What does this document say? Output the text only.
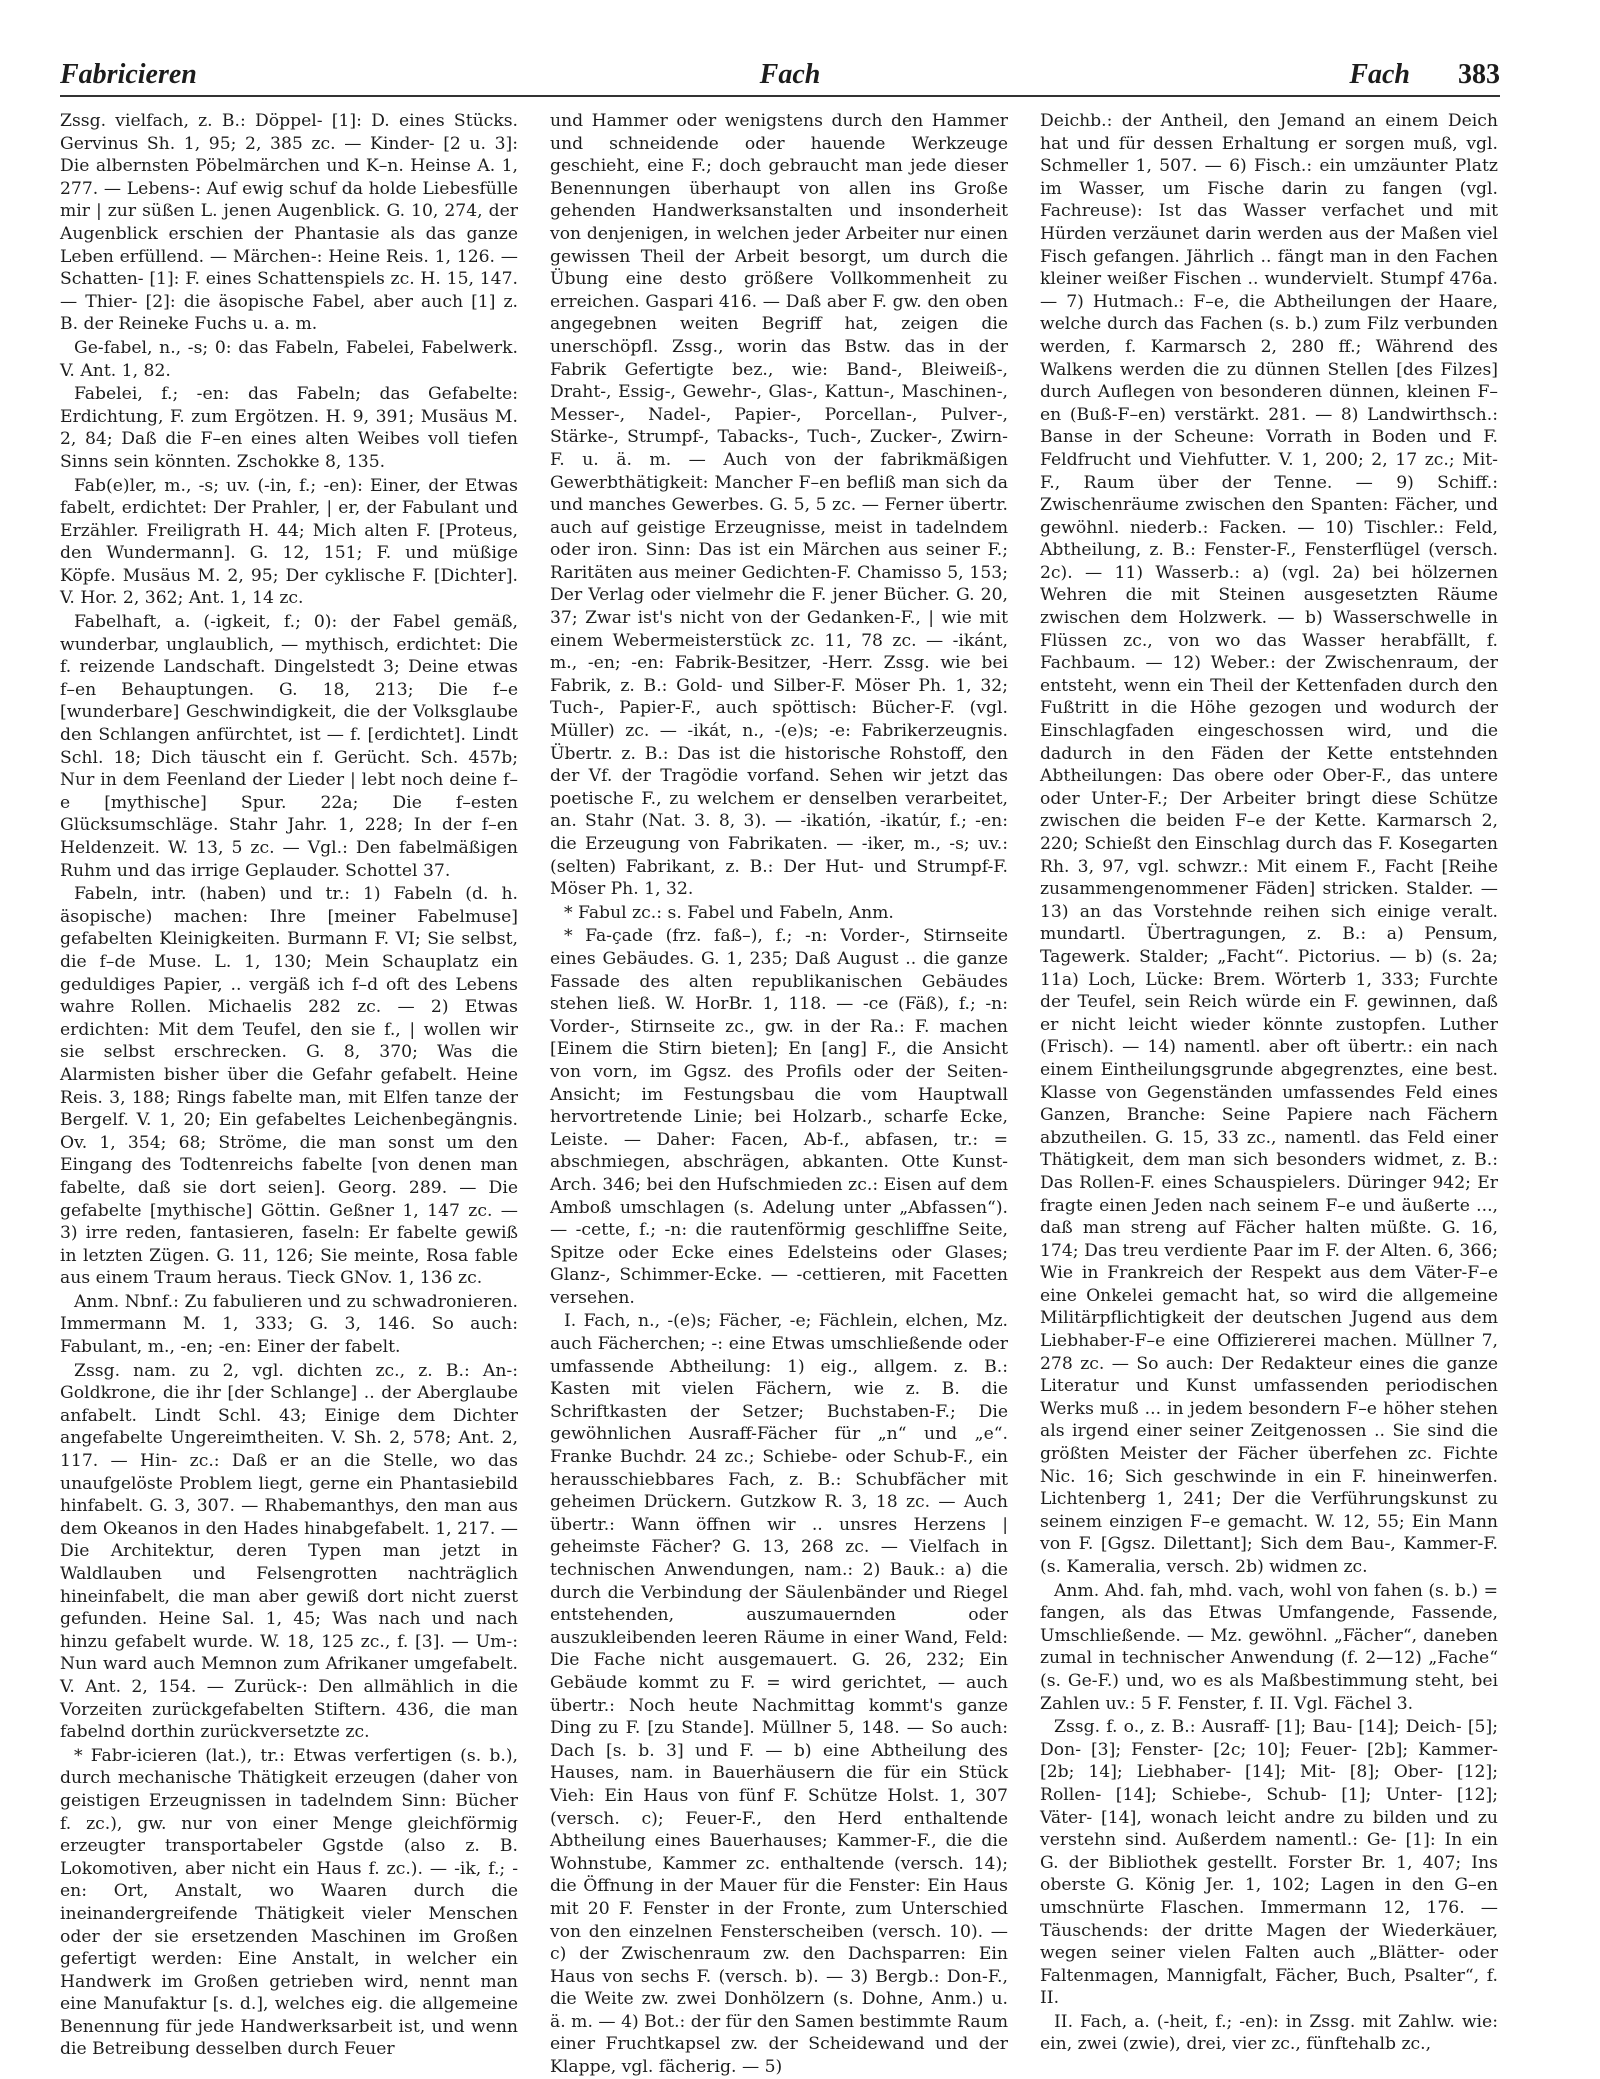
Fabricieren	Fach	Fach 383

Zssg. vielfach, z. B.: Döppel- [1]: D. eines Stücks. Gervinus Sh. 1, 95; 2, 385 zc. — Kinder- [2 u. 3]: Die albernsten Pöbelmärchen und K–n. Heinse A. 1, 277. — Lebens-: Auf ewig schuf da holde Liebesfülle mir | zur süßen L. jenen Augenblick. G. 10, 274, der Augenblick erschien der Phantasie als das ganze Leben erfüllend. — Märchen-: Heine Reis. 1, 126. — Schatten- [1]: F. eines Schattenspiels zc. H. 15, 147. — Thier- [2]: die äsopische Fabel, aber auch [1] z. B. der Reineke Fuchs u. a. m.

Ge-fabel, n., -s; 0: das Fabeln, Fabelei, Fabelwerk. V. Ant. 1, 82.

Fabelei, f.; -en: das Fabeln; das Gefabelte: Erdichtung, F. zum Ergötzen. H. 9, 391; Musäus M. 2, 84; Daß die F–en eines alten Weibes voll tiefen Sinns sein könnten. Zschokke 8, 135.

Fab(e)ler, m., -s; uv. (-in, f.; -en): Einer, der Etwas fabelt, erdichtet: Der Prahler, | er, der Fabulant und Erzähler. Freiligrath H. 44; Mich alten F. [Proteus, den Wundermann]. G. 12, 151; F. und müßige Köpfe. Musäus M. 2, 95; Der cyklische F. [Dichter]. V. Hor. 2, 362; Ant. 1, 14 zc.

Fabelhaft, a. (-igkeit, f.; 0): der Fabel gemäß, wunderbar, unglaublich, — mythisch, erdichtet: Die f. reizende Landschaft. Dingelstedt 3; Deine etwas f–en Behauptungen. G. 18, 213; Die f–e [wunderbare] Geschwindigkeit, die der Volksglaube den Schlangen anfürchtet, ist — f. [erdichtet]. Lindt Schl. 18; Dich täuscht ein f. Gerücht. Sch. 457b; Nur in dem Feenland der Lieder | lebt noch deine f–e [mythische] Spur. 22a; Die f–esten Glücksumschläge. Stahr Jahr. 1, 228; In der f–en Heldenzeit. W. 13, 5 zc. — Vgl.: Den fabelmäßigen Ruhm und das irrige Geplauder. Schottel 37.

Fabeln, intr. (haben) und tr.: 1) Fabeln (d. h. äsopische) machen: Ihre [meiner Fabelmuse] gefabelten Kleinigkeiten. Burmann F. VI; Sie selbst, die f–de Muse. L. 1, 130; Mein Schauplatz ein geduldiges Papier, .. vergäß ich f–d oft des Lebens wahre Rollen. Michaelis 282 zc. — 2) Etwas erdichten: Mit dem Teufel, den sie f., | wollen wir sie selbst erschrecken. G. 8, 370; Was die Alarmisten bisher über die Gefahr gefabelt. Heine Reis. 3, 188; Rings fabelte man, mit Elfen tanze der Bergelf. V. 1, 20; Ein gefabeltes Leichenbegängnis. Ov. 1, 354; 68; Ströme, die man sonst um den Eingang des Todtenreichs fabelte [von denen man fabelte, daß sie dort seien]. Georg. 289. — Die gefabelte [mythische] Göttin. Geßner 1, 147 zc. — 3) irre reden, fantasieren, faseln: Er fabelte gewiß in letzten Zügen. G. 11, 126; Sie meinte, Rosa fable aus einem Traum heraus. Tieck GNov. 1, 136 zc.

Anm. Nbnf.: Zu fabulieren und zu schwadronieren. Immermann M. 1, 333; G. 3, 146. So auch: Fabulant, m., -en; -en: Einer der fabelt.

Zssg. nam. zu 2, vgl. dichten zc., z. B.: An-: Goldkrone, die ihr [der Schlange] .. der Aberglaube anfabelt. Lindt Schl. 43; Einige dem Dichter angefabelte Ungereimtheiten. V. Sh. 2, 578; Ant. 2, 117. — Hin- zc.: Daß er an die Stelle, wo das unaufgelöste Problem liegt, gerne ein Phantasiebild hinfabelt. G. 3, 307. — Rhabemanthys, den man aus dem Okeanos in den Hades hinabgefabelt. 1, 217. — Die Architektur, deren Typen man jetzt in Waldlauben und Felsengrotten nachträglich hineinfabelt, die man aber gewiß dort nicht zuerst gefunden. Heine Sal. 1, 45; Was nach und nach hinzu gefabelt wurde. W. 18, 125 zc., f. [3]. — Um-: Nun ward auch Memnon zum Afrikaner umgefabelt. V. Ant. 2, 154. — Zurück-: Den allmählich in die Vorzeiten zurückgefabelten Stiftern. 436, die man fabelnd dorthin zurückversetzte zc.

* Fabr-icieren (lat.), tr.: Etwas verfertigen (s. b.), durch mechanische Thätigkeit erzeugen (daher von geistigen Erzeugnissen in tadelndem Sinn: Bücher f. zc.), gw. nur von einer Menge gleichförmig erzeugter transportabeler Ggstde (also z. B. Lokomotiven, aber nicht ein Haus f. zc.). — -ik, f.; -en: Ort, Anstalt, wo Waaren durch die ineinandergreifende Thätigkeit vieler Menschen oder der sie ersetzenden Maschinen im Großen gefertigt werden: Eine Anstalt, in welcher ein Handwerk im Großen getrieben wird, nennt man eine Manufaktur [s. d.], welches eig. die allgemeine Benennung für jede Handwerksarbeit ist, und wenn die Betreibung desselben durch Feuer

und Hammer oder wenigstens durch den Hammer und schneidende oder hauende Werkzeuge geschieht, eine F.; doch gebraucht man jede dieser Benennungen überhaupt von allen ins Große gehenden Handwerksanstalten und insonderheit von denjenigen, in welchen jeder Arbeiter nur einen gewissen Theil der Arbeit besorgt, um durch die Übung eine desto größere Vollkommenheit zu erreichen. Gaspari 416. — Daß aber F. gw. den oben angegebnen weiten Begriff hat, zeigen die unerschöpfl. Zssg., worin das Bstw. das in der Fabrik Gefertigte bez., wie: Band-, Bleiweiß-, Draht-, Essig-, Gewehr-, Glas-, Kattun-, Maschinen-, Messer-, Nadel-, Papier-, Porcellan-, Pulver-, Stärke-, Strumpf-, Tabacks-, Tuch-, Zucker-, Zwirn-F. u. ä. m. — Auch von der fabrikmäßigen Gewerbthätigkeit: Mancher F–en befliß man sich da und manches Gewerbes. G. 5, 5 zc. — Ferner übertr. auch auf geistige Erzeugnisse, meist in tadelndem oder iron. Sinn: Das ist ein Märchen aus seiner F.; Raritäten aus meiner Gedichten-F. Chamisso 5, 153; Der Verlag oder vielmehr die F. jener Bücher. G. 20, 37; Zwar ist's nicht von der Gedanken-F., | wie mit einem Webermeisterstück zc. 11, 78 zc. — -ikánt, m., -en; -en: Fabrik-Besitzer, -Herr. Zssg. wie bei Fabrik, z. B.: Gold- und Silber-F. Möser Ph. 1, 32; Tuch-, Papier-F., auch spöttisch: Bücher-F. (vgl. Müller) zc. — -ikát, n., -(e)s; -e: Fabrikerzeugnis. Übertr. z. B.: Das ist die historische Rohstoff, den der Vf. der Tragödie vorfand. Sehen wir jetzt das poetische F., zu welchem er denselben verarbeitet, an. Stahr (Nat. 3. 8, 3). — -ikatión, -ikatúr, f.; -en: die Erzeugung von Fabrikaten. — -iker, m., -s; uv.: (selten) Fabrikant, z. B.: Der Hut- und Strumpf-F. Möser Ph. 1, 32.

* Fabul zc.: s. Fabel und Fabeln, Anm.

* Fa-çade (frz. faß–), f.; -n: Vorder-, Stirnseite eines Gebäudes. G. 1, 235; Daß August .. die ganze Fassade des alten republikanischen Gebäudes stehen ließ. W. HorBr. 1, 118. — -ce (Fäß), f.; -n: Vorder-, Stirnseite zc., gw. in der Ra.: F. machen [Einem die Stirn bieten]; En [ang] F., die Ansicht von vorn, im Ggsz. des Profils oder der Seiten-Ansicht; im Festungsbau die vom Hauptwall hervortretende Linie; bei Holzarb., scharfe Ecke, Leiste. — Daher: Facen, Ab-f., abfasen, tr.: = abschmiegen, abschrägen, abkanten. Otte Kunst-Arch. 346; bei den Hufschmieden zc.: Eisen auf dem Amboß umschlagen (s. Adelung unter „Abfassen“). — -cette, f.; -n: die rautenförmig geschliffne Seite, Spitze oder Ecke eines Edelsteins oder Glases; Glanz-, Schimmer-Ecke. — -cettieren, mit Facetten versehen.

I. Fach, n., -(e)s; Fächer, -e; Fächlein, elchen, Mz. auch Fächerchen; -: eine Etwas umschließende oder umfassende Abtheilung: 1) eig., allgem. z. B.: Kasten mit vielen Fächern, wie z. B. die Schriftkasten der Setzer; Buchstaben-F.; Die gewöhnlichen Ausraff-Fächer für „n“ und „e“. Franke Buchdr. 24 zc.; Schiebe- oder Schub-F., ein herausschiebbares Fach, z. B.: Schubfächer mit geheimen Drückern. Gutzkow R. 3, 18 zc. — Auch übertr.: Wann öffnen wir .. unsres Herzens | geheimste Fächer? G. 13, 268 zc. — Vielfach in technischen Anwendungen, nam.: 2) Bauk.: a) die durch die Verbindung der Säulenbänder und Riegel entstehenden, auszumauernden oder auszukleibenden leeren Räume in einer Wand, Feld: Die Fache nicht ausgemauert. G. 26, 232; Ein Gebäude kommt zu F. = wird gerichtet, — auch übertr.: Noch heute Nachmittag kommt's ganze Ding zu F. [zu Stande]. Müllner 5, 148. — So auch: Dach [s. b. 3] und F. — b) eine Abtheilung des Hauses, nam. in Bauerhäusern die für ein Stück Vieh: Ein Haus von fünf F. Schütze Holst. 1, 307 (versch. c); Feuer-F., den Herd enthaltende Abtheilung eines Bauerhauses; Kammer-F., die die Wohnstube, Kammer zc. enthaltende (versch. 14); die Öffnung in der Mauer für die Fenster: Ein Haus mit 20 F. Fenster in der Fronte, zum Unterschied von den einzelnen Fensterscheiben (versch. 10). — c) der Zwischenraum zw. den Dachsparren: Ein Haus von sechs F. (versch. b). — 3) Bergb.: Don-F., die Weite zw. zwei Donhölzern (s. Dohne, Anm.) u. ä. m. — 4) Bot.: der für den Samen bestimmte Raum einer Fruchtkapsel zw. der Scheidewand und der Klappe, vgl. fächerig. — 5)

Deichb.: der Antheil, den Jemand an einem Deich hat und für dessen Erhaltung er sorgen muß, vgl. Schmeller 1, 507. — 6) Fisch.: ein umzäunter Platz im Wasser, um Fische darin zu fangen (vgl. Fachreuse): Ist das Wasser verfachet und mit Hürden verzäunet darin werden aus der Maßen viel Fisch gefangen. Jährlich .. fängt man in den Fachen kleiner weißer Fischen .. wundervielt. Stumpf 476a. — 7) Hutmach.: F–e, die Abtheilungen der Haare, welche durch das Fachen (s. b.) zum Filz verbunden werden, f. Karmarsch 2, 280 ff.; Während des Walkens werden die zu dünnen Stellen [des Filzes] durch Auflegen von besonderen dünnen, kleinen F–en (Buß-F–en) verstärkt. 281. — 8) Landwirthsch.: Banse in der Scheune: Vorrath in Boden und F. Feldfrucht und Viehfutter. V. 1, 200; 2, 17 zc.; Mit-F., Raum über der Tenne. — 9) Schiff.: Zwischenräume zwischen den Spanten: Fächer, und gewöhnl. niederb.: Facken. — 10) Tischler.: Feld, Abtheilung, z. B.: Fenster-F., Fensterflügel (versch. 2c). — 11) Wasserb.: a) (vgl. 2a) bei hölzernen Wehren die mit Steinen ausgesetzten Räume zwischen dem Holzwerk. — b) Wasserschwelle in Flüssen zc., von wo das Wasser herabfällt, f. Fachbaum. — 12) Weber.: der Zwischenraum, der entsteht, wenn ein Theil der Kettenfaden durch den Fußtritt in die Höhe gezogen und wodurch der Einschlagfaden eingeschossen wird, und die dadurch in den Fäden der Kette entstehnden Abtheilungen: Das obere oder Ober-F., das untere oder Unter-F.; Der Arbeiter bringt diese Schütze zwischen die beiden F–e der Kette. Karmarsch 2, 220; Schießt den Einschlag durch das F. Kosegarten Rh. 3, 97, vgl. schwzr.: Mit einem F., Facht [Reihe zusammengenommener Fäden] stricken. Stalder. — 13) an das Vorstehnde reihen sich einige veralt. mundartl. Übertragungen, z. B.: a) Pensum, Tagewerk. Stalder; „Facht“. Pictorius. — b) (s. 2a; 11a) Loch, Lücke: Brem. Wörterb 1, 333; Furchte der Teufel, sein Reich würde ein F. gewinnen, daß er nicht leicht wieder könnte zustopfen. Luther (Frisch). — 14) namentl. aber oft übertr.: ein nach einem Eintheilungsgrunde abgegrenztes, eine best. Klasse von Gegenständen umfassendes Feld eines Ganzen, Branche: Seine Papiere nach Fächern abzutheilen. G. 15, 33 zc., namentl. das Feld einer Thätigkeit, dem man sich besonders widmet, z. B.: Das Rollen-F. eines Schauspielers. Düringer 942; Er fragte einen Jeden nach seinem F–e und äußerte ..., daß man streng auf Fächer halten müßte. G. 16, 174; Das treu verdiente Paar im F. der Alten. 6, 366; Wie in Frankreich der Respekt aus dem Väter-F–e eine Onkelei gemacht hat, so wird die allgemeine Militärpflichtigkeit der deutschen Jugend aus dem Liebhaber-F–e eine Offiziererei machen. Müllner 7, 278 zc. — So auch: Der Redakteur eines die ganze Literatur und Kunst umfassenden periodischen Werks muß ... in jedem besondern F–e höher stehen als irgend einer seiner Zeitgenossen .. Sie sind die größten Meister der Fächer überfehen zc. Fichte Nic. 16; Sich geschwinde in ein F. hineinwerfen. Lichtenberg 1, 241; Der die Verführungskunst zu seinem einzigen F–e gemacht. W. 12, 55; Ein Mann von F. [Ggsz. Dilettant]; Sich dem Bau-, Kammer-F. (s. Kameralia, versch. 2b) widmen zc.

Anm. Ahd. fah, mhd. vach, wohl von fahen (s. b.) = fangen, als das Etwas Umfangende, Fassende, Umschließende. — Mz. gewöhnl. „Fächer“, daneben zumal in technischer Anwendung (f. 2—12) „Fache“ (s. Ge-F.) und, wo es als Maßbestimmung steht, bei Zahlen uv.: 5 F. Fenster, f. II. Vgl. Fächel 3.

Zssg. f. o., z. B.: Ausraff- [1]; Bau- [14]; Deich- [5]; Don- [3]; Fenster- [2c; 10]; Feuer- [2b]; Kammer- [2b; 14]; Liebhaber- [14]; Mit- [8]; Ober- [12]; Rollen- [14]; Schiebe-, Schub- [1]; Unter- [12]; Väter- [14], wonach leicht andre zu bilden und zu verstehn sind. Außerdem namentl.: Ge- [1]: In ein G. der Bibliothek gestellt. Forster Br. 1, 407; Ins oberste G. König Jer. 1, 102; Lagen in den G–en umschnürte Flaschen. Immermann 12, 176. — Täuschends: der dritte Magen der Wiederkäuer, wegen seiner vielen Falten auch „Blätter- oder Faltenmagen, Mannigfalt, Fächer, Buch, Psalter“, f. II.

II. Fach, a. (-heit, f.; -en): in Zssg. mit Zahlw. wie: ein, zwei (zwie), drei, vier zc., fünftehalb zc.,
